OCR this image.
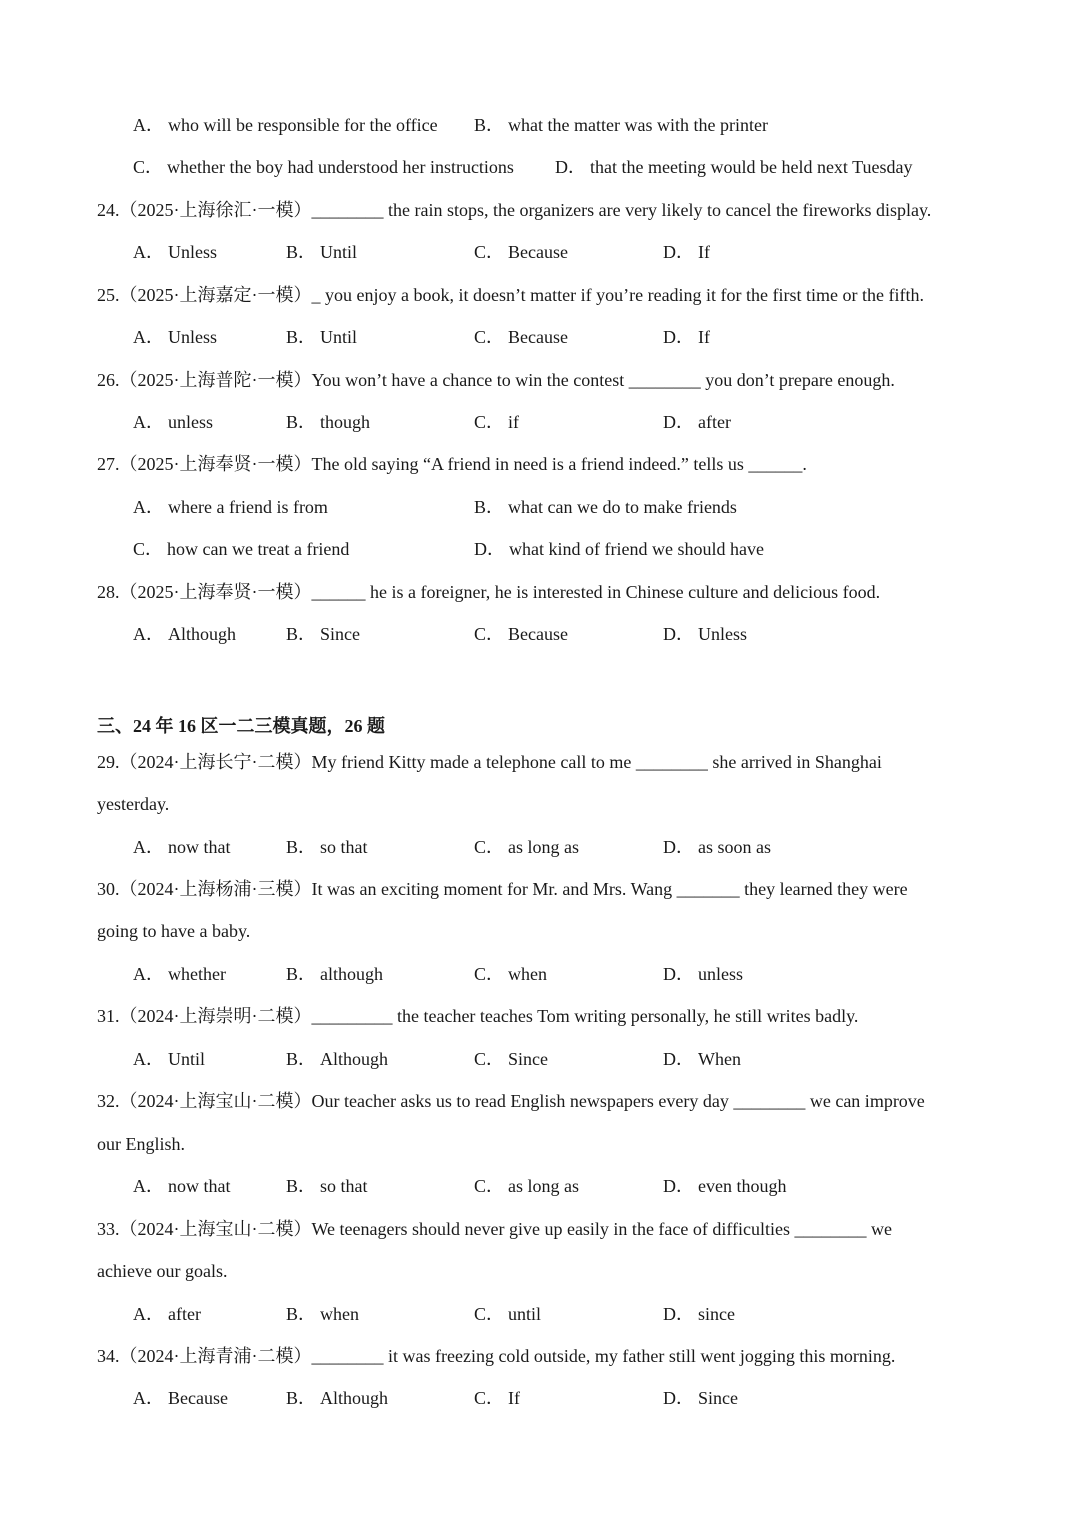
A． who will be responsible for the office B． what the matter was with the printer
C． whether the boy had understood her instructions D． that the meeting would be held next Tuesday
24.（2025·上海徐汇·一模）________ the rain stops, the organizers are very likely to cancel the fireworks display.
A． Unless	B． Until	C． Because	D． If
25.（2025·上海嘉定·一模）_ you enjoy a book, it doesn’t matter if you’re reading it for the first time or the fifth.
A． Unless	B． Until	C． Because	D． If
26.（2025·上海普陀·一模）You won’t have a chance to win the contest ________ you don’t prepare enough.
A． unless	B． though	C． if	D． after
27.（2025·上海奉贤·一模）The old saying “A friend in need is a friend indeed.” tells us ______.
A． where a friend is from	B． what can we do to make friends
C． how can we treat a friend	D． what kind of friend we should have
28.（2025·上海奉贤·一模）______ he is a foreigner, he is interested in Chinese culture and delicious food.
A． Although	B． Since	C． Because	D． Unless
三、24 年 16 区一二三模真题，26 题
29.（2024·上海长宁·二模）My friend Kitty made a telephone call to me ________ she arrived in Shanghai
yesterday.
A． now that	B． so that	C． as long as	D． as soon as
30.（2024·上海杨浦·三模）It was an exciting moment for Mr. and Mrs. Wang _______ they learned they were
going to have a baby.
A． whether	B． although	C． when	D． unless
31.（2024·上海崇明·二模）_________ the teacher teaches Tom writing personally, he still writes badly.
A． Until	B． Although	C． Since	D． When
32.（2024·上海宝山·二模）Our teacher asks us to read English newspapers every day ________ we can improve
our English.
A． now that	B． so that	C． as long as	D． even though
33.（2024·上海宝山·二模）We teenagers should never give up easily in the face of difficulties ________ we
achieve our goals.
A． after	B． when	C． until	D． since
34.（2024·上海青浦·二模）________ it was freezing cold outside, my father still went jogging this morning.
A． Because	B． Although	C． If	D． Since
